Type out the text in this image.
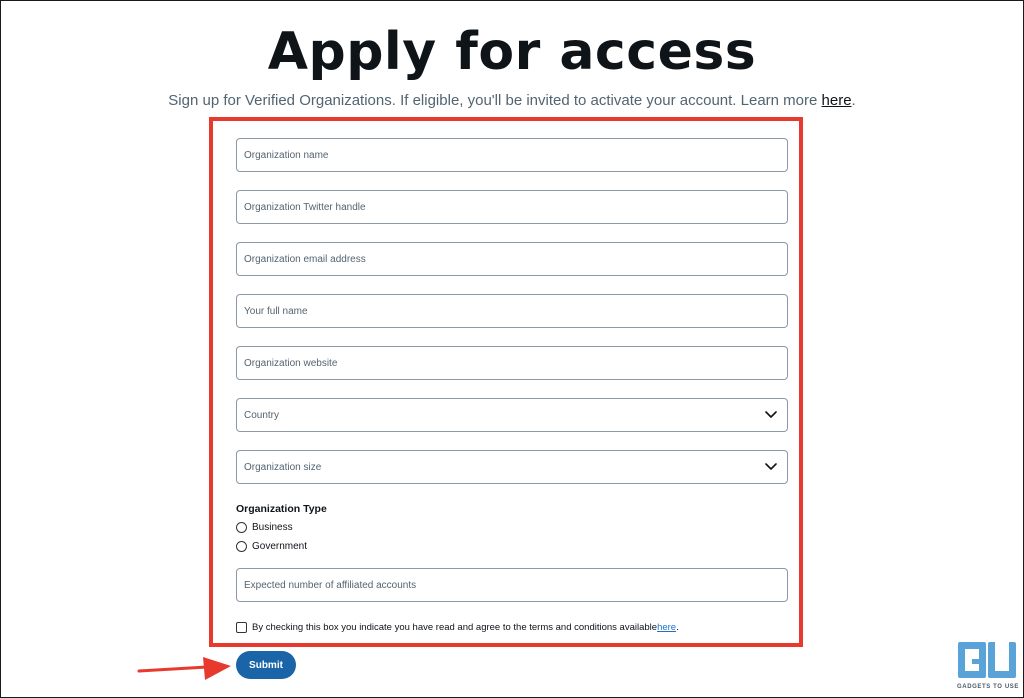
Apply for access
Sign up for Verified Organizations. If eligible, you'll be invited to activate your account. Learn more here.
Organization name
Organization Twitter handle
Organization email address
Your full name
Organization website
Country
Organization size
Organization Type
Business
Government
Expected number of affiliated accounts
By checking this box you indicate you have read and agree to the terms and conditions available here .
Submit
GADGETS TO USE
